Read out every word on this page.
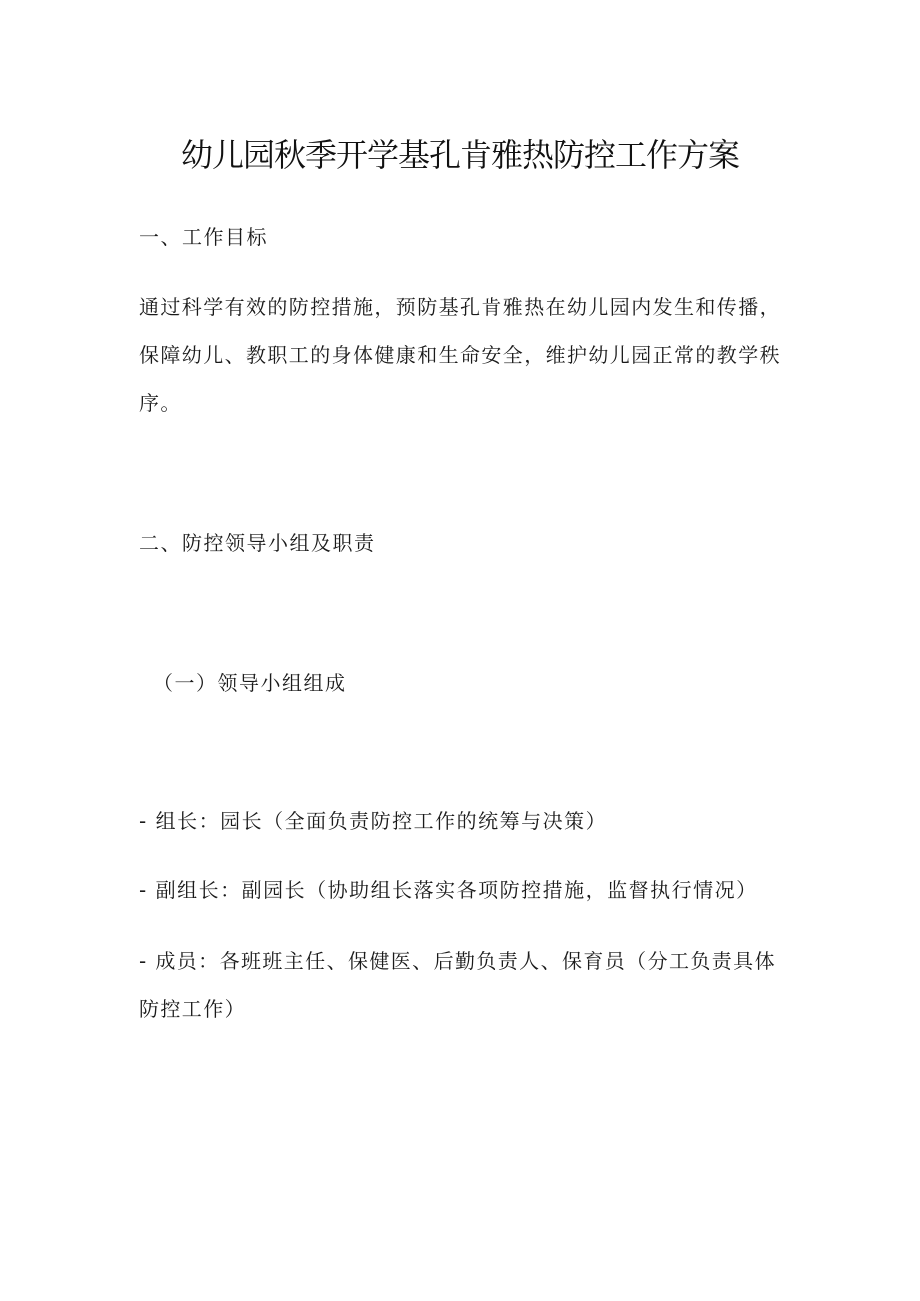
幼儿园秋季开学基孔肯雅热防控工作方案
一、工作目标

通过科学有效的防控措施，预防基孔肯雅热在幼儿园内发生和传播，

保障幼儿、教职工的身体健康和生命安全，维护幼儿园正常的教学秩

序。

二、防控领导小组及职责
（一）领导小组组成
- 组长：园长（全面负责防控工作的统筹与决策）
- 副组长：副园长（协助组长落实各项防控措施，监督执行情况）

- 成员：各班班主任、保健医、后勤负责人、保育员（分工负责具体

防控工作）
